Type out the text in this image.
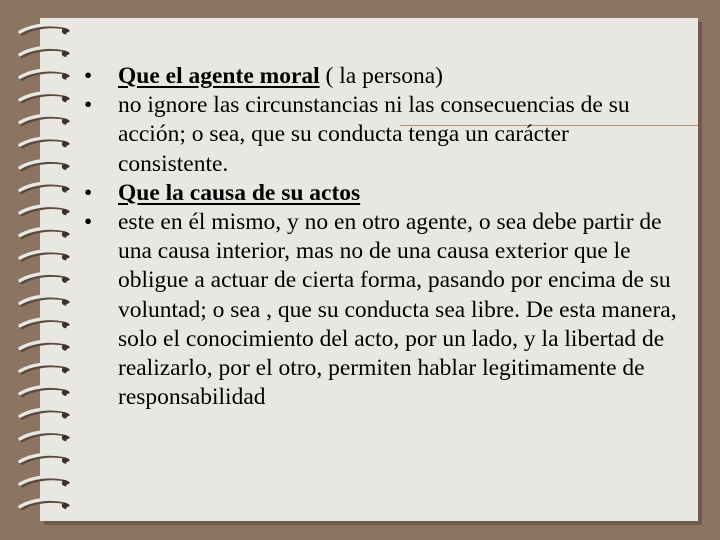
•	Que el agente moral ( la persona)
•	no ignore las circunstancias ni las consecuencias de su acción; o sea, que su conducta tenga un carácter consistente.
•	Que la causa de su actos
•	este en él mismo, y no en otro agente, o sea debe partir de una causa interior, mas no de una causa exterior que le obligue a actuar de cierta forma, pasando por encima de su voluntad; o sea , que su conducta sea libre. De esta manera, solo el conocimiento del acto, por un lado, y la libertad de realizarlo, por el otro, permiten hablar legitimamente de responsabilidad
